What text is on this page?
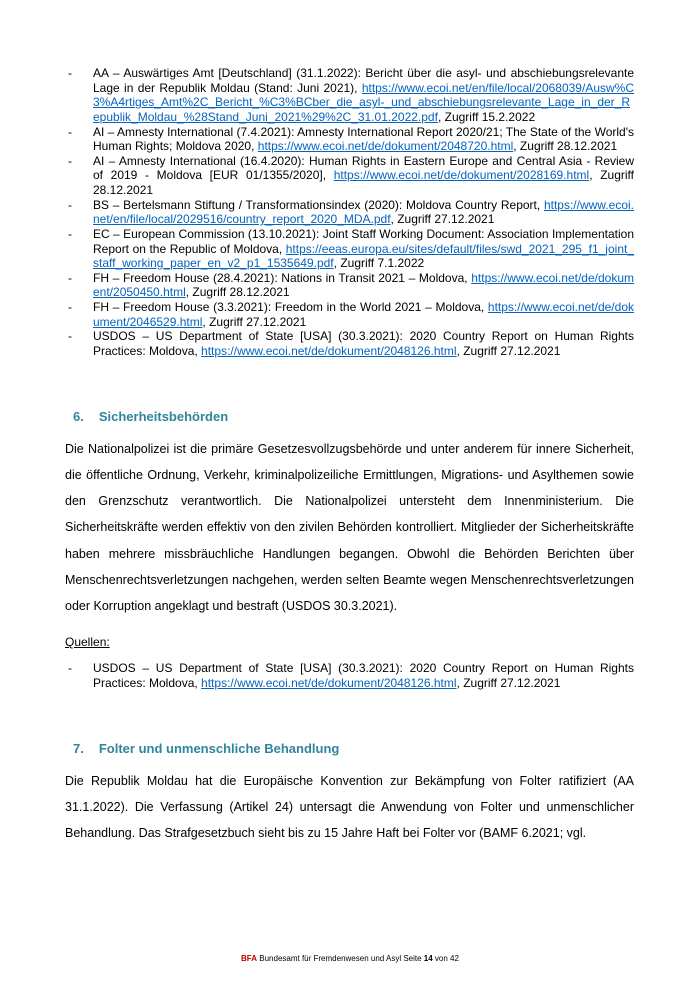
- AA – Auswärtiges Amt [Deutschland] (31.1.2022): Bericht über die asyl- und abschiebungsrelevante Lage in der Republik Moldau (Stand: Juni 2021), https://www.ecoi.net/en/file/local/2068039/Ausw%C3%A4rtiges_Amt%2C_Bericht_%C3%BCber_die_asyl-_und_abschiebungsrelevante_Lage_in_der_Republik_Moldau_%28Stand_Juni_2021%29%2C_31.01.2022.pdf, Zugriff 15.2.2022
- AI – Amnesty International (7.4.2021): Amnesty International Report 2020/21; The State of the World's Human Rights; Moldova 2020, https://www.ecoi.net/de/dokument/2048720.html, Zugriff 28.12.2021
- AI – Amnesty International (16.4.2020): Human Rights in Eastern Europe and Central Asia - Review of 2019 - Moldova [EUR 01/1355/2020], https://www.ecoi.net/de/dokument/2028169.html, Zugriff 28.12.2021
- BS – Bertelsmann Stiftung / Transformationsindex (2020): Moldova Country Report, https://www.ecoi.net/en/file/local/2029516/country_report_2020_MDA.pdf, Zugriff 27.12.2021
- EC – European Commission (13.10.2021): Joint Staff Working Document: Association Implementation Report on the Republic of Moldova, https://eeas.europa.eu/sites/default/files/swd_2021_295_f1_joint_staff_working_paper_en_v2_p1_1535649.pdf, Zugriff 7.1.2022
- FH – Freedom House (28.4.2021): Nations in Transit 2021 – Moldova, https://www.ecoi.net/de/dokument/2050450.html, Zugriff 28.12.2021
- FH – Freedom House (3.3.2021): Freedom in the World 2021 – Moldova, https://www.ecoi.net/de/dokument/2046529.html, Zugriff 27.12.2021
- USDOS – US Department of State [USA] (30.3.2021): 2020 Country Report on Human Rights Practices: Moldova, https://www.ecoi.net/de/dokument/2048126.html, Zugriff 27.12.2021
6. Sicherheitsbehörden

Die Nationalpolizei ist die primäre Gesetzesvollzugsbehörde und unter anderem für innere Sicherheit, die öffentliche Ordnung, Verkehr, kriminalpolizeiliche Ermittlungen, Migrations- und Asylthemen sowie den Grenzschutz verantwortlich. Die Nationalpolizei untersteht dem Innenministerium. Die Sicherheitskräfte werden effektiv von den zivilen Behörden kontrolliert. Mitglieder der Sicherheitskräfte haben mehrere missbräuchliche Handlungen begangen. Obwohl die Behörden Berichten über Menschenrechtsverletzungen nachgehen, werden selten Beamte wegen Menschenrechtsverletzungen oder Korruption angeklagt und bestraft (USDOS 30.3.2021).

Quellen:

- USDOS – US Department of State [USA] (30.3.2021): 2020 Country Report on Human Rights Practices: Moldova, https://www.ecoi.net/de/dokument/2048126.html, Zugriff 27.12.2021
7. Folter und unmenschliche Behandlung

Die Republik Moldau hat die Europäische Konvention zur Bekämpfung von Folter ratifiziert (AA 31.1.2022). Die Verfassung (Artikel 24) untersagt die Anwendung von Folter und unmenschlicher Behandlung. Das Strafgesetzbuch sieht bis zu 15 Jahre Haft bei Folter vor (BAMF 6.2021; vgl.

BFA Bundesamt für Fremdenwesen und Asyl Seite 14 von 42
